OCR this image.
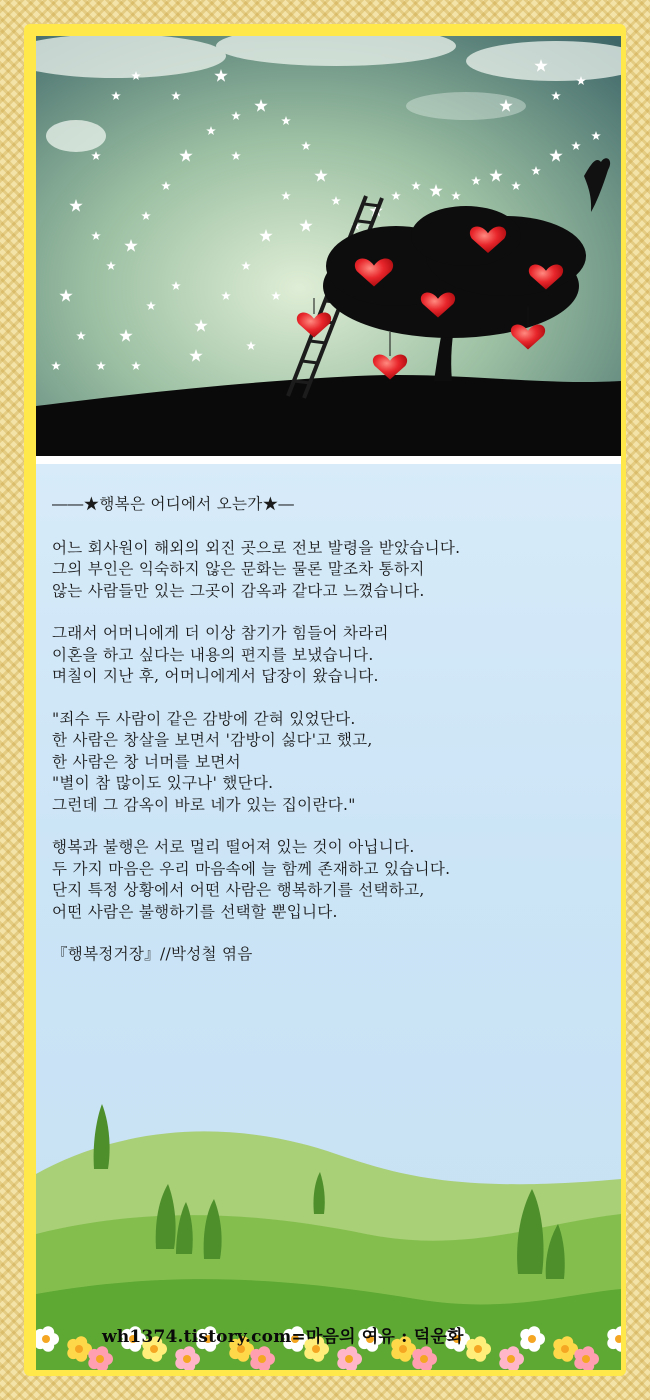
――★행복은 어디에서 오는가★―
어느 회사원이 해외의 외진 곳으로 전보 발령을 받았습니다.
그의 부인은 익숙하지 않은 문화는 물론 말조차 통하지
않는 사람들만 있는 그곳이 감옥과 같다고 느꼈습니다.
그래서 어머니에게 더 이상 참기가 힘들어 차라리
이혼을 하고 싶다는 내용의 편지를 보냈습니다.
며칠이 지난 후, 어머니에게서 답장이 왔습니다.
"죄수 두 사람이 같은 감방에 갇혀 있었단다.
한 사람은 창살을 보면서 '감방이 싫다'고 했고,
한 사람은 창 너머를 보면서
"별이 참 많이도 있구나' 했단다.
그런데 그 감옥이 바로 네가 있는 집이란다."
행복과 불행은 서로 멀리 떨어져 있는 것이 아닙니다.
두 가지 마음은 우리 마음속에 늘 함께 존재하고 있습니다.
단지 특정 상황에서 어떤 사람은 행복하기를 선택하고,
어떤 사람은 불행하기를 선택할 뿐입니다.
『행복정거장』//박성철 엮음
wh1374.tistory.com=마음의 여유 : 덕운화
